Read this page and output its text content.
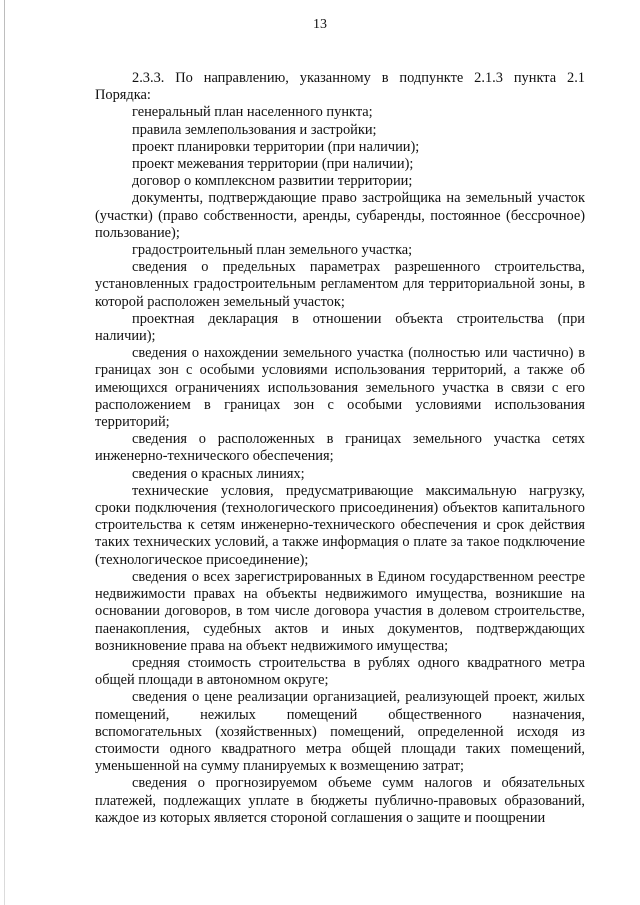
13

2.3.3. По направлению, указанному в подпункте 2.1.3 пункта 2.1 Порядка:

генеральный план населенного пункта;

правила землепользования и застройки;

проект планировки территории (при наличии);

проект межевания территории (при наличии);

договор о комплексном развитии территории;

документы, подтверждающие право застройщика на земельный участок (участки) (право собственности, аренды, субаренды, постоянное (бессрочное) пользование);

градостроительный план земельного участка;

сведения о предельных параметрах разрешенного строительства, установленных градостроительным регламентом для территориальной зоны, в которой расположен земельный участок;

проектная декларация в отношении объекта строительства (при наличии);

сведения о нахождении земельного участка (полностью или частично) в границах зон с особыми условиями использования территорий, а также об имеющихся ограничениях использования земельного участка в связи с его расположением в границах зон с особыми условиями использования территорий;

сведения о расположенных в границах земельного участка сетях инженерно-технического обеспечения;

сведения о красных линиях;

технические условия, предусматривающие максимальную нагрузку, сроки подключения (технологического присоединения) объектов капитального строительства к сетям инженерно-технического обеспечения и срок действия таких технических условий, а также информация о плате за такое подключение (технологическое присоединение);

сведения о всех зарегистрированных в Едином государственном реестре недвижимости правах на объекты недвижимого имущества, возникшие на основании договоров, в том числе договора участия в долевом строительстве, паенакопления, судебных актов и иных документов, подтверждающих возникновение права на объект недвижимого имущества;

средняя стоимость строительства в рублях одного квадратного метра общей площади в автономном округе;

сведения о цене реализации организацией, реализующей проект, жилых помещений, нежилых помещений общественного назначения, вспомогательных (хозяйственных) помещений, определенной исходя из стоимости одного квадратного метра общей площади таких помещений, уменьшенной на сумму планируемых к возмещению затрат;

сведения о прогнозируемом объеме сумм налогов и обязательных платежей, подлежащих уплате в бюджеты публично-правовых образований, каждое из которых является стороной соглашения о защите и поощрении
